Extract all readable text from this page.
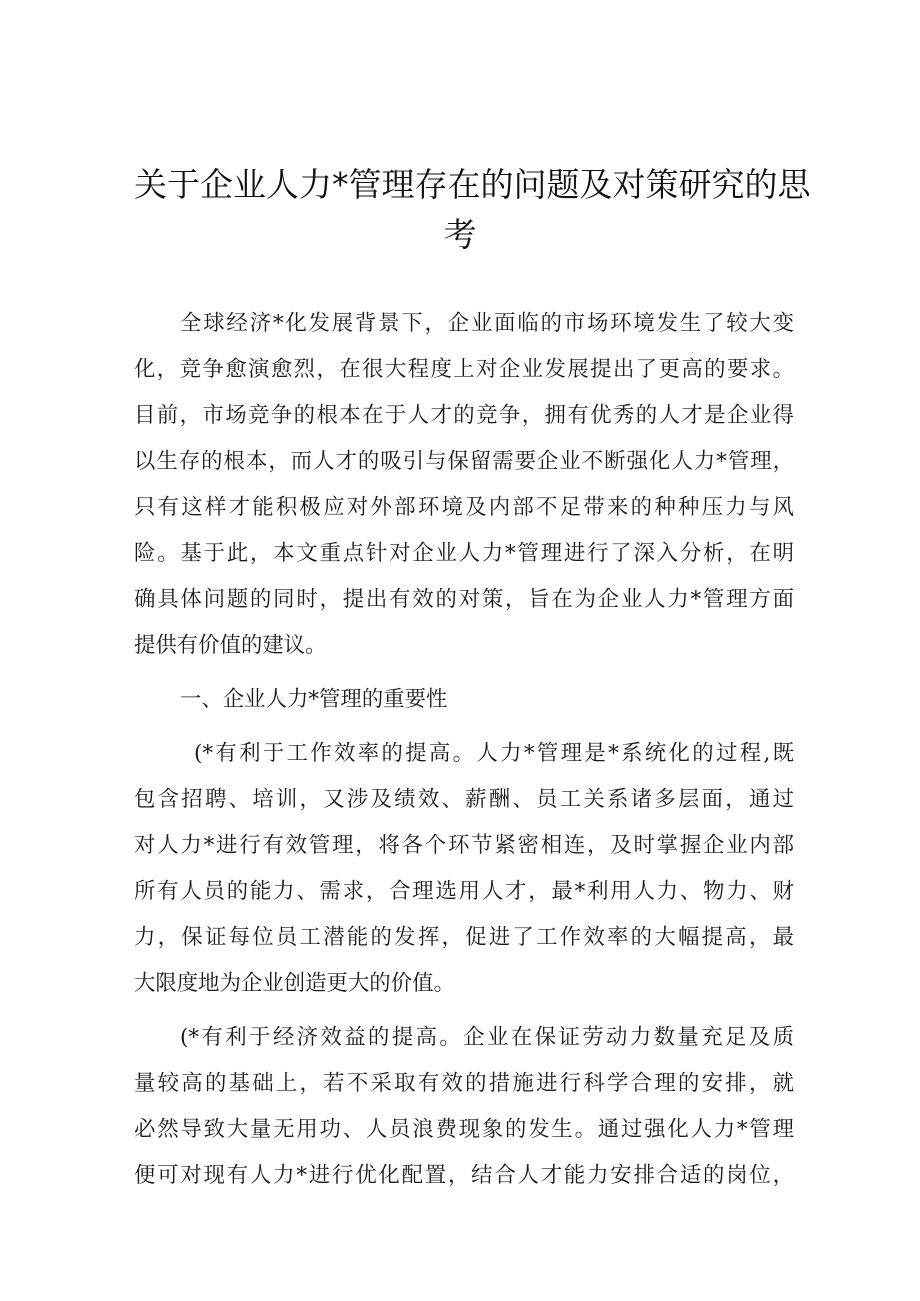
关于企业人力*管理存在的问题及对策研究的思
考

全球经济*化发展背景下，企业面临的市场环境发生了较大变

化，竞争愈演愈烈，在很大程度上对企业发展提出了更高的要求。

目前，市场竞争的根本在于人才的竞争，拥有优秀的人才是企业得

以生存的根本，而人才的吸引与保留需要企业不断强化人力*管理，

只有这样才能积极应对外部环境及内部不足带来的种种压力与风

险。基于此，本文重点针对企业人力*管理进行了深入分析，在明

确具体问题的同时，提出有效的对策，旨在为企业人力*管理方面

提供有价值的建议。

一、企业人力*管理的重要性

(*有利于工作效率的提高。人力*管理是*系统化的过程,既

包含招聘、培训，又涉及绩效、薪酬、员工关系诸多层面，通过

对人力*进行有效管理，将各个环节紧密相连，及时掌握企业内部

所有人员的能力、需求，合理选用人才，最*利用人力、物力、财

力，保证每位员工潜能的发挥，促进了工作效率的大幅提高，最

大限度地为企业创造更大的价值。

(*有利于经济效益的提高。企业在保证劳动力数量充足及质

量较高的基础上，若不采取有效的措施进行科学合理的安排，就

必然导致大量无用功、人员浪费现象的发生。通过强化人力*管理

便可对现有人力*进行优化配置，结合人才能力安排合适的岗位，
